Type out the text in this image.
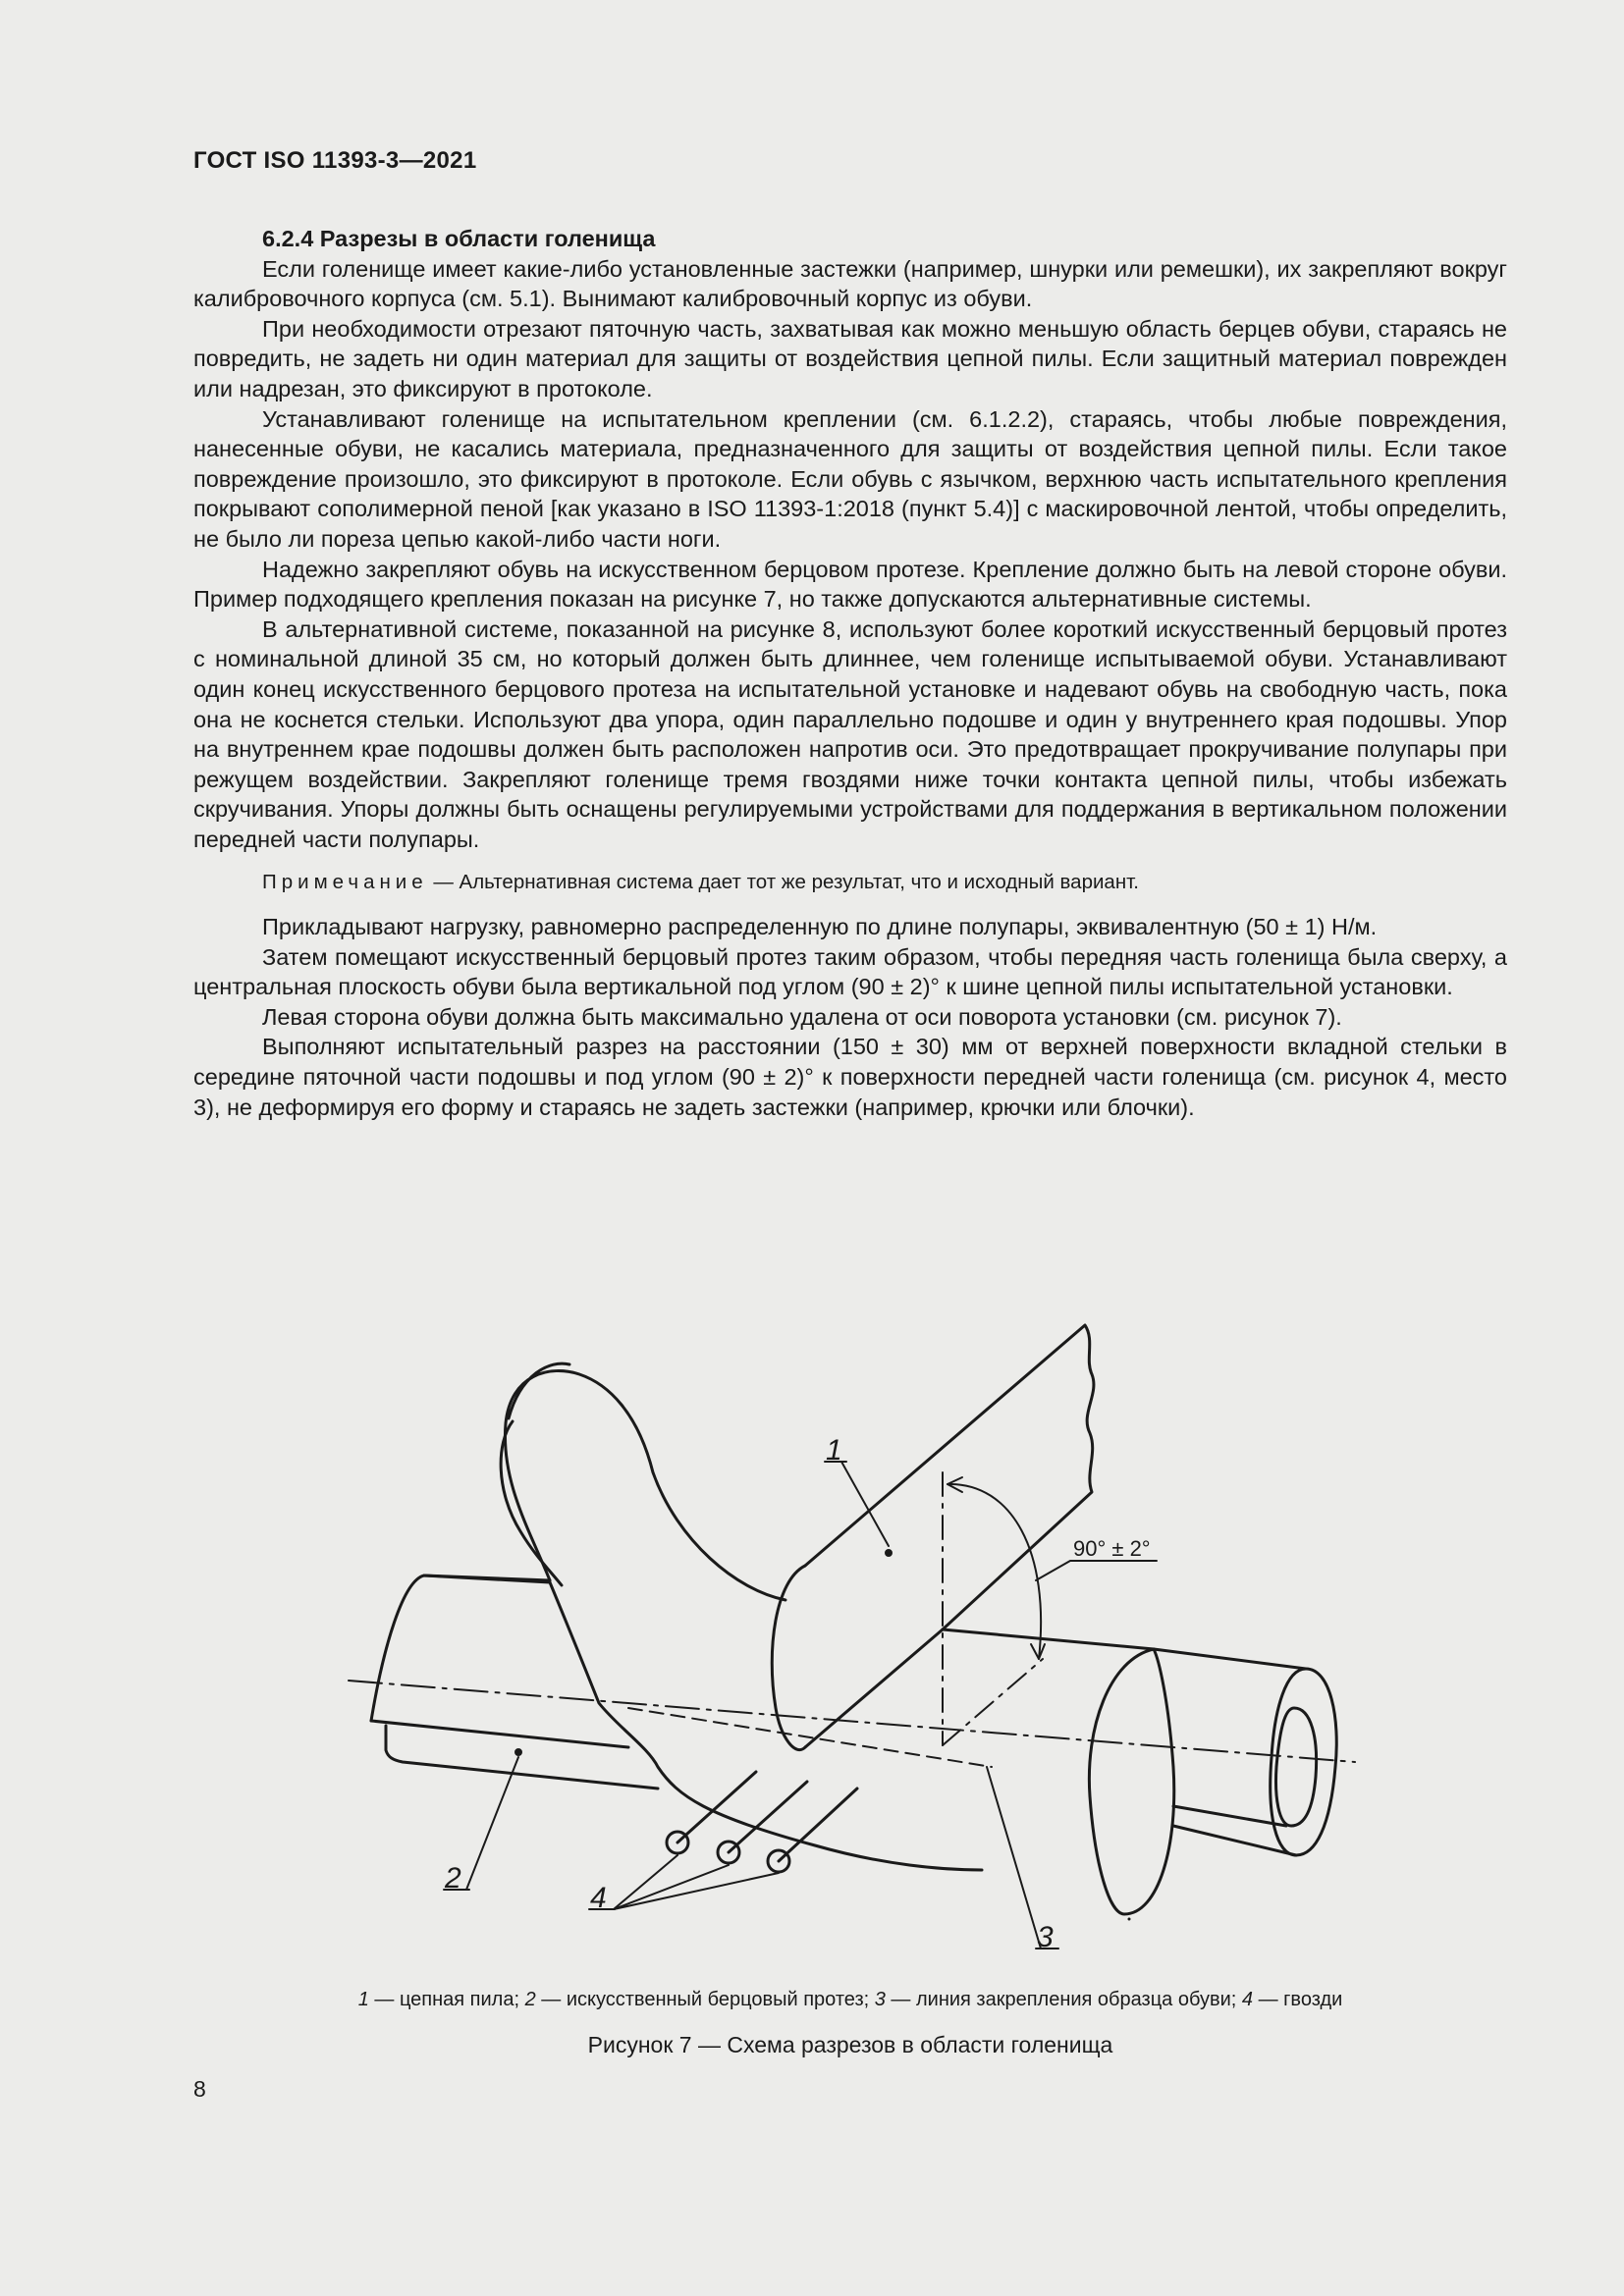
ГОСТ ISO 11393-3—2021

6.2.4 Разрезы в области голенища

Если голенище имеет какие-либо установленные застежки (например, шнурки или ремешки), их закрепляют вокруг калибровочного корпуса (см. 5.1). Вынимают калибровочный корпус из обуви.

При необходимости отрезают пяточную часть, захватывая как можно меньшую область берцев обуви, стараясь не повредить, не задеть ни один материал для защиты от воздействия цепной пилы. Если защитный материал поврежден или надрезан, это фиксируют в протоколе.

Устанавливают голенище на испытательном креплении (см. 6.1.2.2), стараясь, чтобы любые повреждения, нанесенные обуви, не касались материала, предназначенного для защиты от воздействия цепной пилы. Если такое повреждение произошло, это фиксируют в протоколе. Если обувь с язычком, верхнюю часть испытательного крепления покрывают сополимерной пеной [как указано в ISO 11393-1:2018 (пункт 5.4)] с маскировочной лентой, чтобы определить, не было ли пореза цепью какой-либо части ноги.

Надежно закрепляют обувь на искусственном берцовом протезе. Крепление должно быть на левой стороне обуви. Пример подходящего крепления показан на рисунке 7, но также допускаются альтернативные системы.

В альтернативной системе, показанной на рисунке 8, используют более короткий искусственный берцовый протез с номинальной длиной 35 см, но который должен быть длиннее, чем голенище испытываемой обуви. Устанавливают один конец искусственного берцового протеза на испытательной установке и надевают обувь на свободную часть, пока она не коснется стельки. Используют два упора, один параллельно подошве и один у внутреннего края подошвы. Упор на внутреннем крае подошвы должен быть расположен напротив оси. Это предотвращает прокручивание полупары при режущем воздействии. Закрепляют голенище тремя гвоздями ниже точки контакта цепной пилы, чтобы избежать скручивания. Упоры должны быть оснащены регулируемыми устройствами для поддержания в вертикальном положении передней части полупары.

Примечание — Альтернативная система дает тот же результат, что и исходный вариант.

Прикладывают нагрузку, равномерно распределенную по длине полупары, эквивалентную (50 ± 1) Н/м.

Затем помещают искусственный берцовый протез таким образом, чтобы передняя часть голенища была сверху, а центральная плоскость обуви была вертикальной под углом (90 ± 2)° к шине цепной пилы испытательной установки.

Левая сторона обуви должна быть максимально удалена от оси поворота установки (см. рисунок 7).

Выполняют испытательный разрез на расстоянии (150 ± 30) мм от верхней поверхности вкладной стельки в середине пяточной части подошвы и под углом (90 ± 2)° к поверхности передней части голенища (см. рисунок 4, место 3), не деформируя его форму и стараясь не задеть застежки (например, крючки или блочки).

90° ± 2°
1
2
3
4
1 — цепная пила; 2 — искусственный берцовый протез; 3 — линия закрепления образца обуви; 4 — гвозди
Рисунок 7 — Схема разрезов в области голенища
8
